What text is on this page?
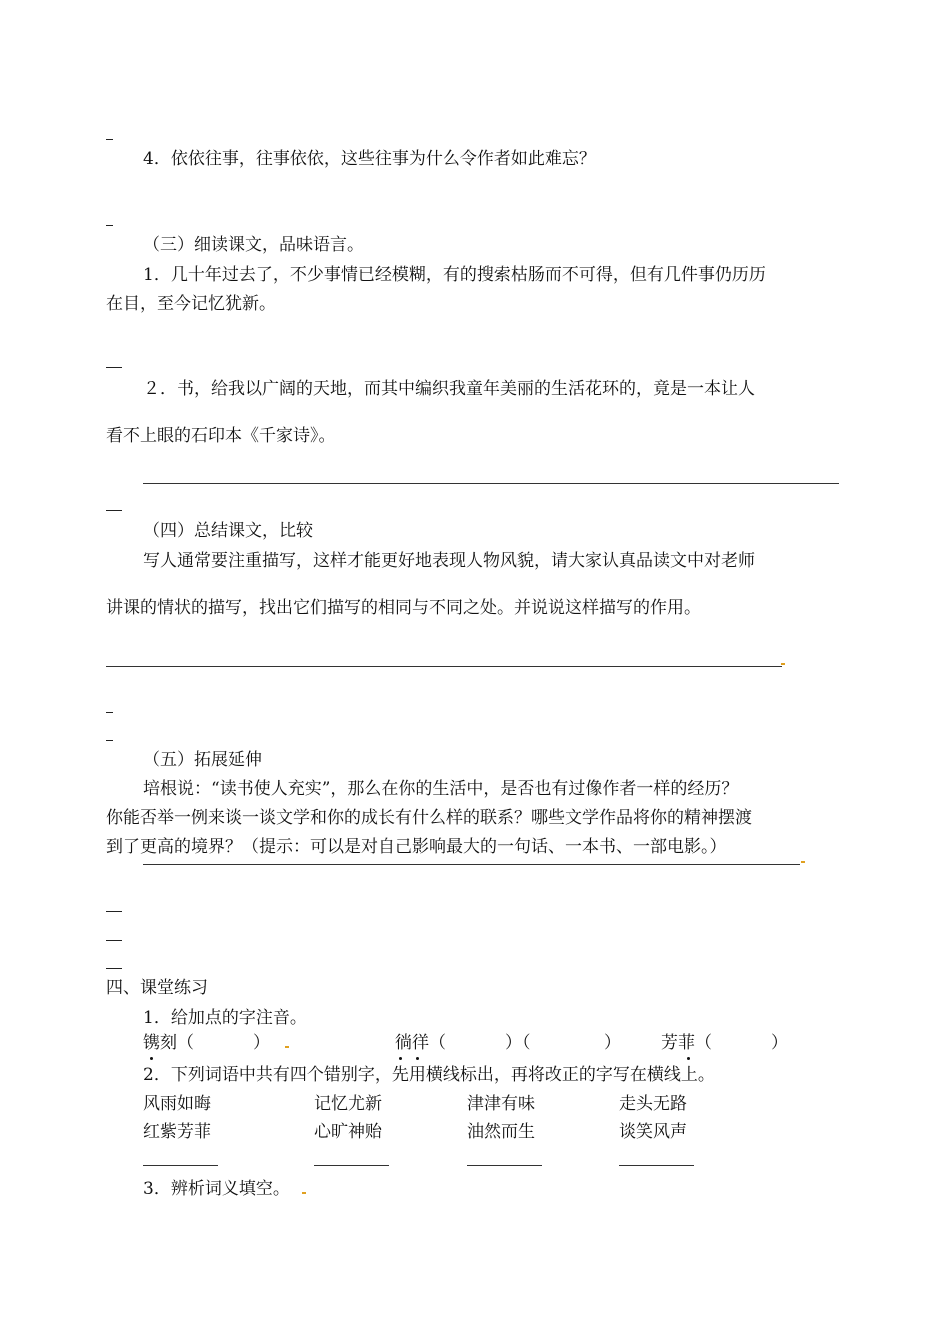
4．依依往事，往事依依，这些往事为什么令作者如此难忘？
（三）细读课文，品味语言。
1．几十年过去了，不少事情已经模糊，有的搜索枯肠而不可得，但有几件事仍历历
在目，至今记忆犹新。
２．书，给我以广阔的天地，而其中编织我童年美丽的生活花环的，竟是一本让人
看不上眼的石印本《千家诗》。
（四）总结课文，比较
写人通常要注重描写，这样才能更好地表现人物风貌，请大家认真品读文中对老师
讲课的情状的描写，找出它们描写的相同与不同之处。并说说这样描写的作用。
（五）拓展延伸
培根说：“读书使人充实”，那么在你的生活中，是否也有过像作者一样的经历？
你能否举一例来谈一谈文学和你的成长有什么样的联系？哪些文学作品将你的精神摆渡
到了更高的境界？（提示：可以是对自己影响最大的一句话、一本书、一部电影。）
四、课堂练习
1．给加点的字注音。
镌刻（	）	徜徉（	）（	） 芳菲（	）
2．下列词语中共有四个错别字，先用横线标出，再将改正的字写在横线上。
风雨如晦	记忆尤新	津津有味	走头无路
红紫芳菲	心旷神贻	油然而生	谈笑风声
3．辨析词义填空。
